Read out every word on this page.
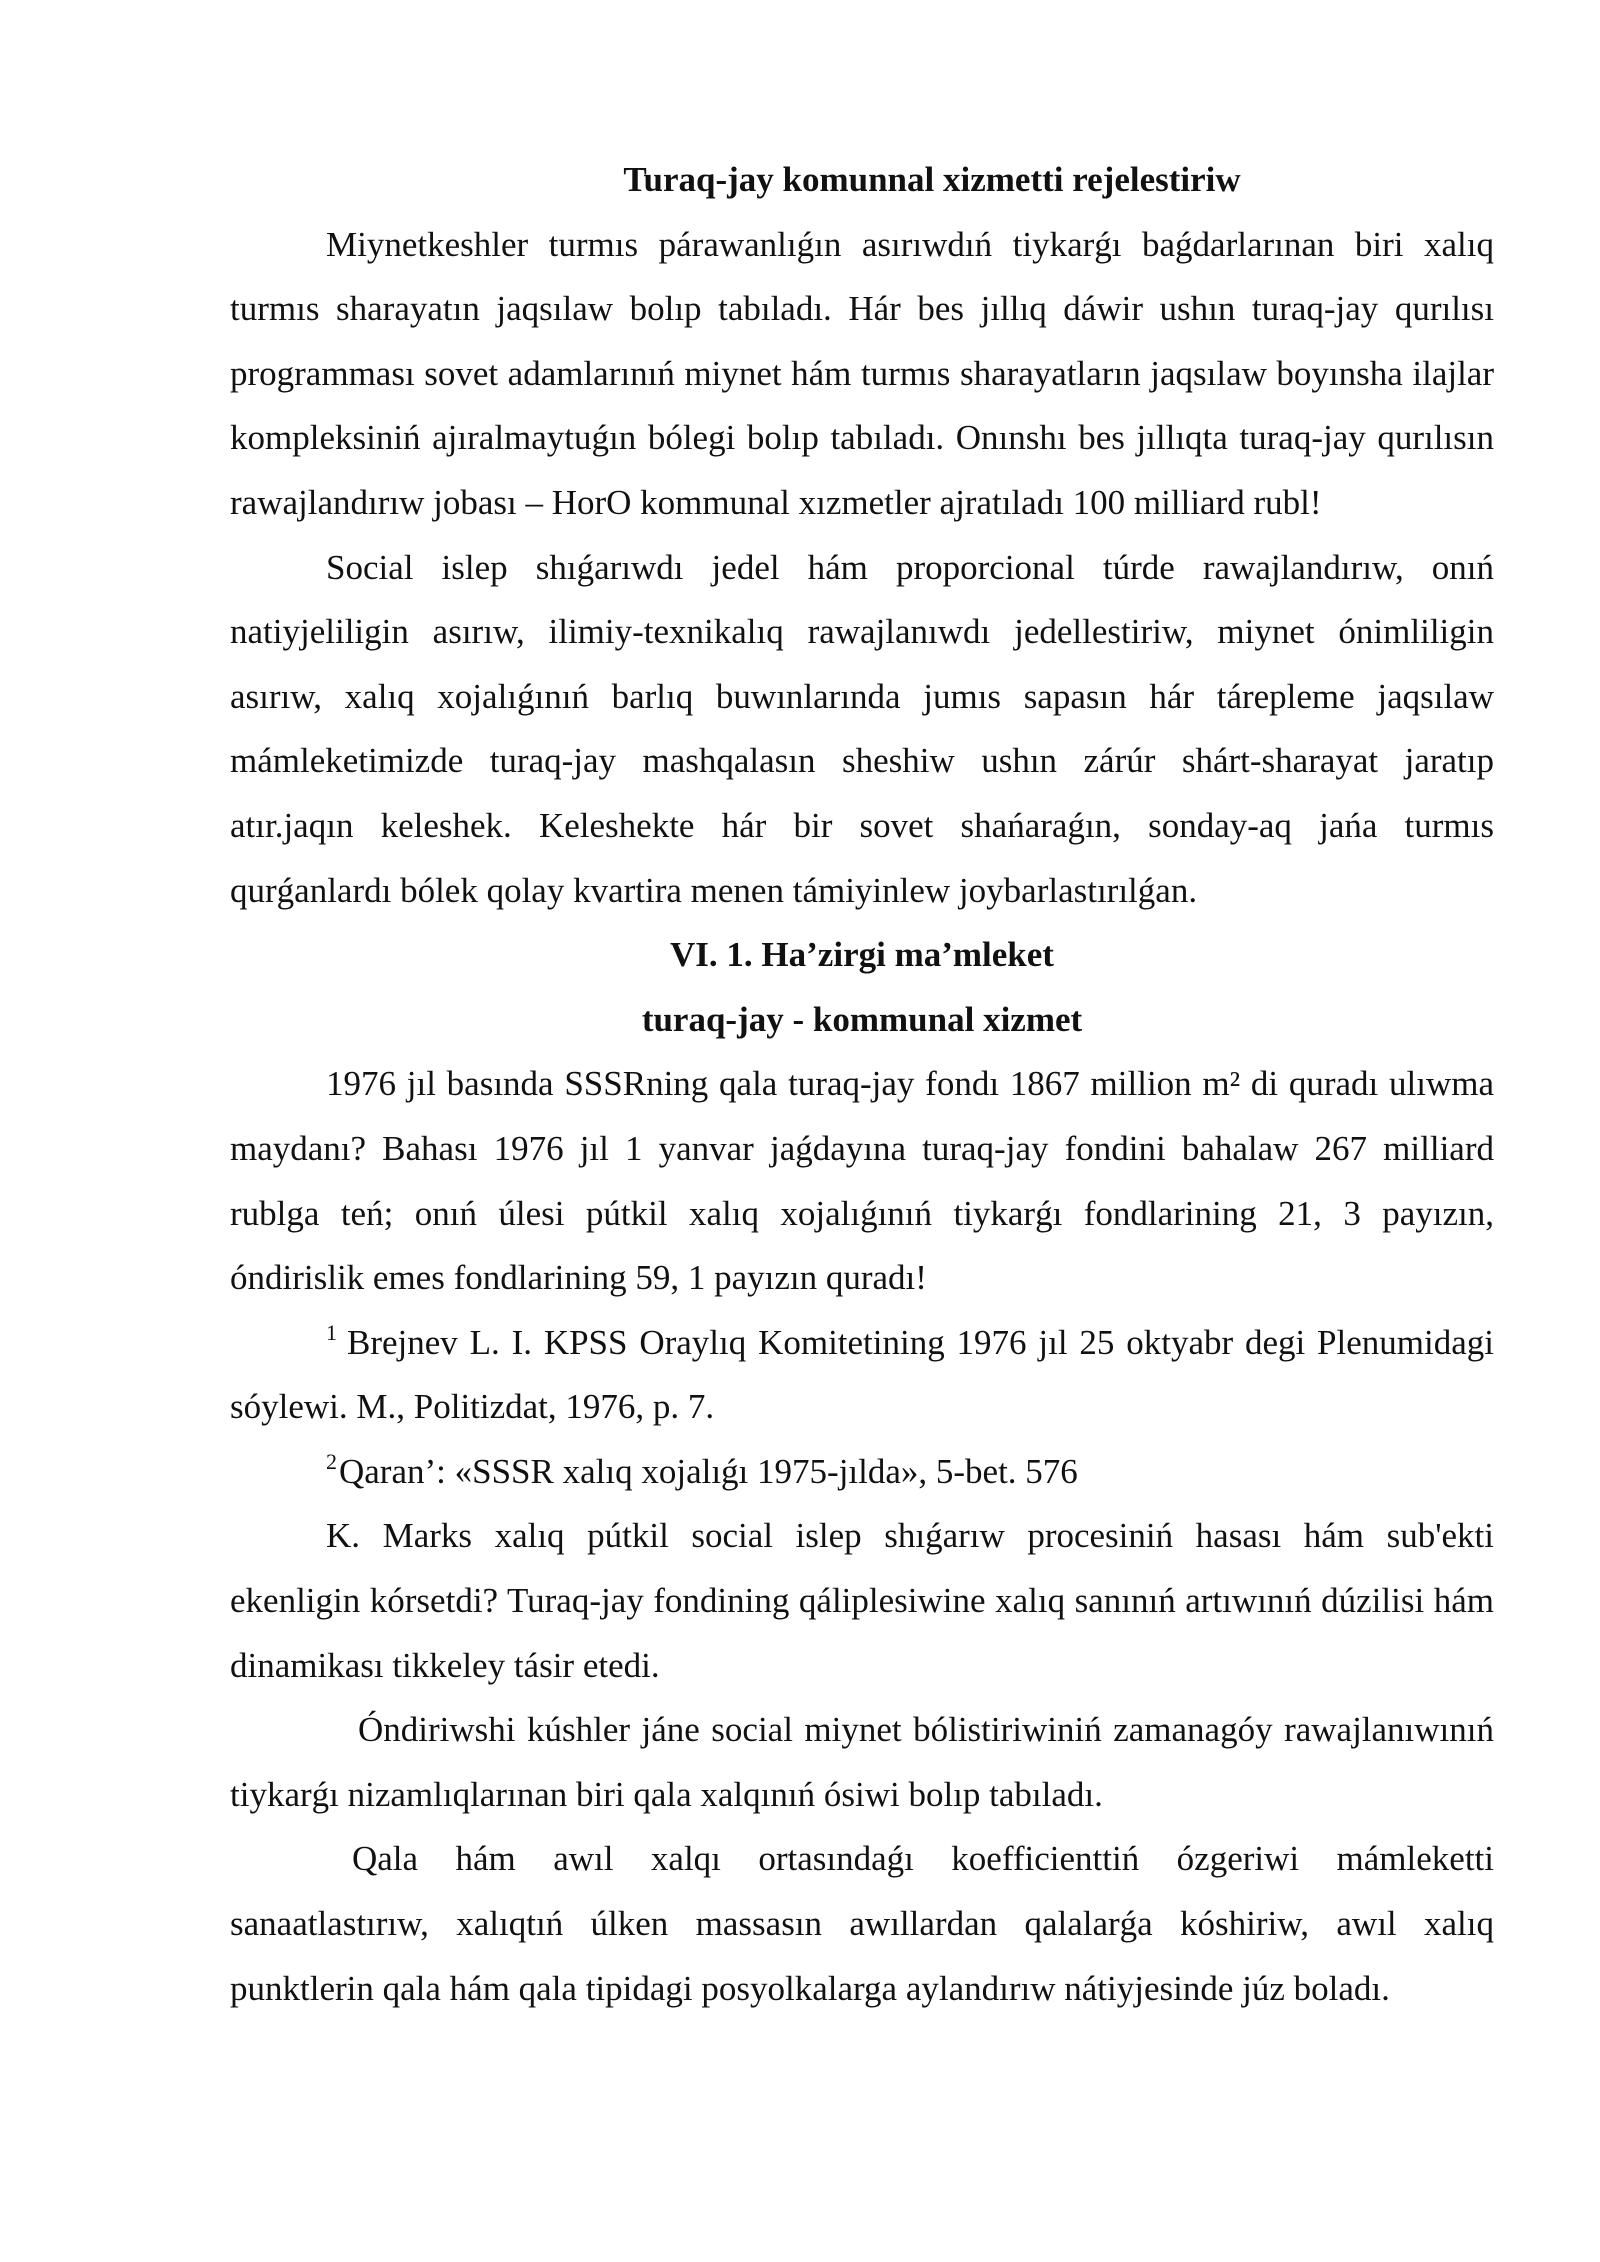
Turaq-jay komunnal xizmetti rejelestiriw

Miynetkeshler turmıs párawanlıǵın asırıwdıń tiykarǵı baǵdarlarınan biri xalıq turmıs sharayatın jaqsılaw bolıp tabıladı. Hár bes jıllıq dáwir ushın turaq-jay qurılısı programması sovet adamlarınıń miynet hám turmıs sharayatların jaqsılaw boyınsha ilajlar kompleksiniń ajıralmaytuǵın bólegi bolıp tabıladı. Onınshı bes jıllıqta turaq-jay qurılısın rawajlandırıw jobası – HorO kommunal xızmetler ajratıladı 100 milliard rubl!

Social islep shıǵarıwdı jedel hám proporcional túrde rawajlandırıw, onıń natiyjeliligin asırıw, ilimiy-texnikalıq rawajlanıwdı jedellestiriw, miynet ónimliligin asırıw, xalıq xojalıǵınıń barlıq buwınlarında jumıs sapasın hár tárepleme jaqsılaw mámleketimizde turaq-jay mashqalasın sheshiw ushın zárúr shárt-sharayat jaratıp atır.jaqın keleshek. Keleshekte hár bir sovet shańaraǵın, sonday-aq jańa turmıs qurǵanlardı bólek qolay kvartira menen támiyinlew joybarlastırılǵan.

VI. 1. Ha’zirgi ma’mleket

turaq-jay - kommunal xizmet

1976 jıl basında SSSRning qala turaq-jay fondı 1867 million m² di quradı ulıwma maydanı? Bahası 1976 jıl 1 yanvar jaǵdayına turaq-jay fondini bahalaw 267 milliard rublga teń; onıń úlesi pútkil xalıq xojalıǵınıń tiykarǵı fondlarining 21, 3 payızın, óndirislik emes fondlarining 59, 1 payızın quradı!

$^1$ Brejnev L. I. KPSS Oraylıq Komitetining 1976 jıl 25 oktyabr degi Plenumidagi sóylewi. M., Politizdat, 1976, p. 7.

$^2$Qaran’: «SSSR xalıq xojalıǵı 1975-jılda», 5-bet. 576

K. Marks xalıq pútkil social islep shıǵarıw procesiniń hasası hám sub'ekti ekenligin kórsetdi? Turaq-jay fondining qáliplesiwine xalıq sanınıń artıwınıń dúzilisi hám dinamikası tikkeley tásir etedi.

Óndiriwshi kúshler jáne social miynet bólistiriwiniń zamanagóy rawajlanıwınıń tiykarǵı nizamlıqlarınan biri qala xalqınıń ósiwi bolıp tabıladı.

Qala hám awıl xalqı ortasındaǵı koefficienttiń ózgeriwi mámleketti sanaatlastırıw, xalıqtıń úlken massasın awıllardan qalalarǵa kóshiriw, awıl xalıq punktlerin qala hám qala tipidagi posyolkalarga aylandırıw nátiyjesinde júz boladı.
